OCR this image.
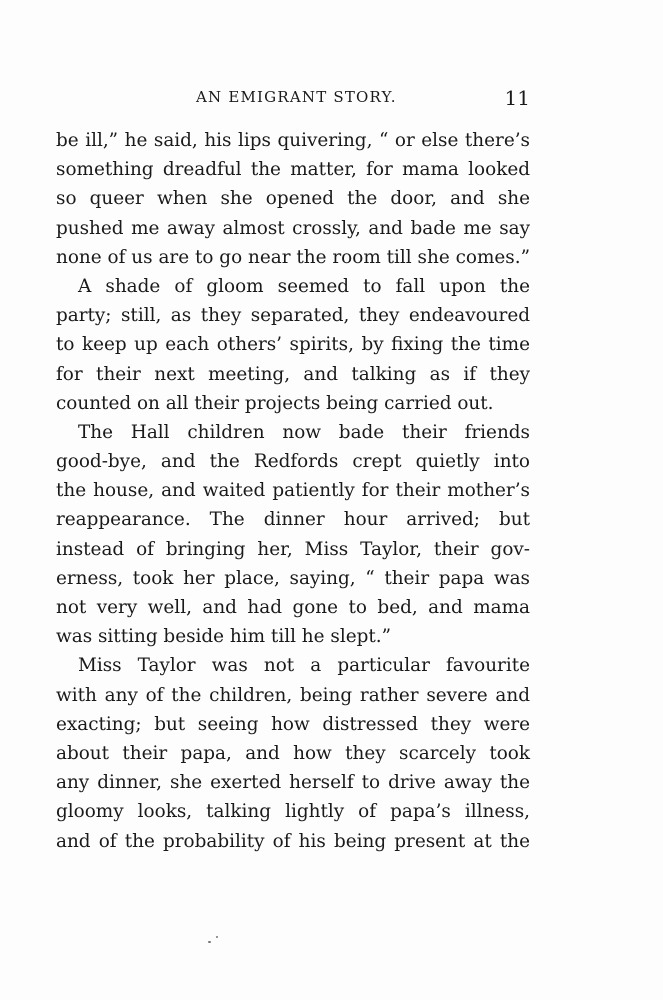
AN EMIGRANT STORY.	11
be ill,” he said, his lips quivering, “ or else there’s
something dreadful the matter, for mama looked
so queer when she opened the door, and she
pushed me away almost crossly, and bade me say
none of us are to go near the room till she comes.”
A shade of gloom seemed to fall upon the
party; still, as they separated, they endeavoured
to keep up each others’ spirits, by fixing the time
for their next meeting, and talking as if they
counted on all their projects being carried out.
The Hall children now bade their friends
good-bye, and the Redfords crept quietly into
the house, and waited patiently for their mother’s
reappearance. The dinner hour arrived; but
instead of bringing her, Miss Taylor, their gov-
erness, took her place, saying, “ their papa was
not very well, and had gone to bed, and mama
was sitting beside him till he slept.”
Miss Taylor was not a particular favourite
with any of the children, being rather severe and
exacting; but seeing how distressed they were
about their papa, and how they scarcely took
any dinner, she exerted herself to drive away the
gloomy looks, talking lightly of papa’s illness,
and of the probability of his being present at the
